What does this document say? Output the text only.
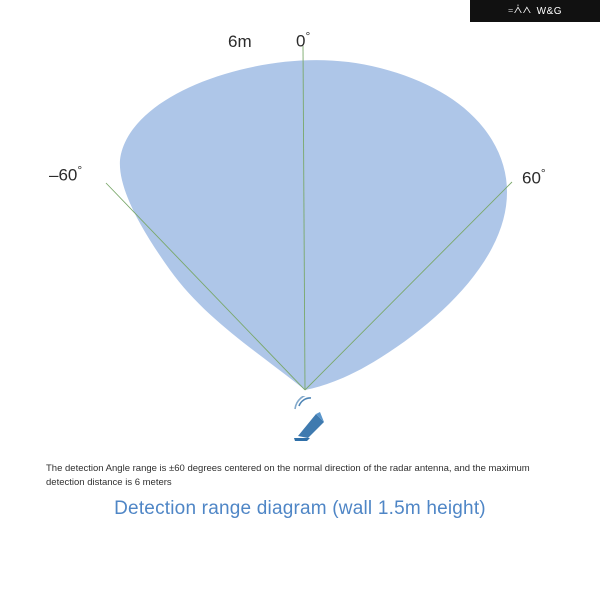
᐀ᐰᐱ W&G
6m	0°
–60°	60°
The detection Angle range is ±60 degrees centered on the normal direction of the radar antenna, and the maximum detection distance is 6 meters
Detection range diagram (wall 1.5m height)
